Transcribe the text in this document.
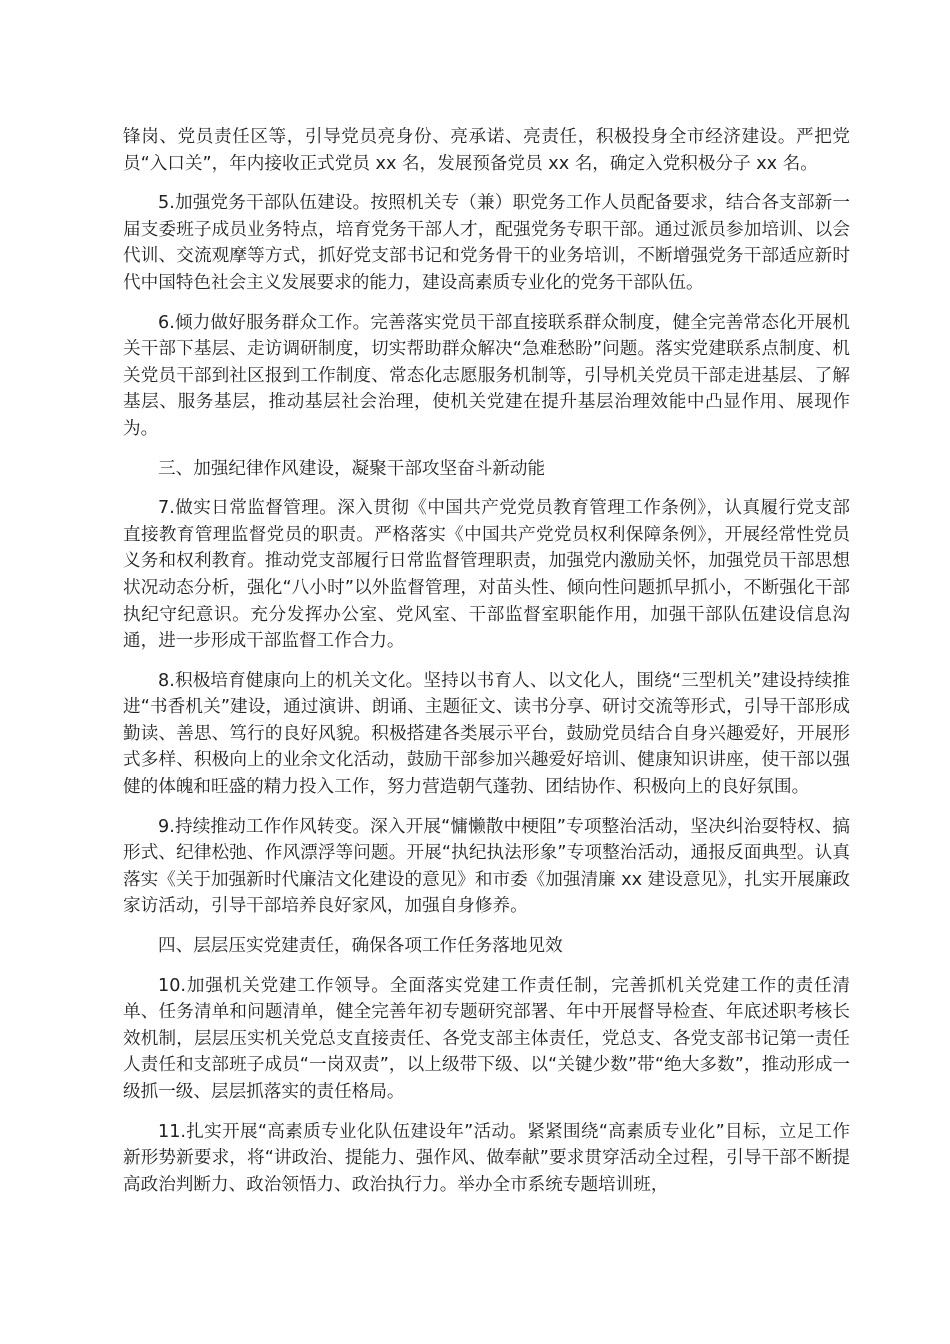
锋岗、党员责任区等，引导党员亮身份、亮承诺、亮责任，积极投身全市经济建设。严把党员“入口关”，年内接收正式党员 xx 名，发展预备党员 xx 名，确定入党积极分子 xx 名。

5.加强党务干部队伍建设。按照机关专（兼）职党务工作人员配备要求，结合各支部新一届支委班子成员业务特点，培育党务干部人才，配强党务专职干部。通过派员参加培训、以会代训、交流观摩等方式，抓好党支部书记和党务骨干的业务培训，不断增强党务干部适应新时代中国特色社会主义发展要求的能力，建设高素质专业化的党务干部队伍。

6.倾力做好服务群众工作。完善落实党员干部直接联系群众制度，健全完善常态化开展机关干部下基层、走访调研制度，切实帮助群众解决“急难愁盼”问题。落实党建联系点制度、机关党员干部到社区报到工作制度、常态化志愿服务机制等，引导机关党员干部走进基层、了解基层、服务基层，推动基层社会治理，使机关党建在提升基层治理效能中凸显作用、展现作为。

三、加强纪律作风建设，凝聚干部攻坚奋斗新动能

7.做实日常监督管理。深入贯彻《中国共产党党员教育管理工作条例》，认真履行党支部直接教育管理监督党员的职责。严格落实《中国共产党党员权利保障条例》，开展经常性党员义务和权利教育。推动党支部履行日常监督管理职责，加强党内激励关怀，加强党员干部思想状况动态分析，强化“八小时”以外监督管理，对苗头性、倾向性问题抓早抓小，不断强化干部执纪守纪意识。充分发挥办公室、党风室、干部监督室职能作用，加强干部队伍建设信息沟通，进一步形成干部监督工作合力。

8.积极培育健康向上的机关文化。坚持以书育人、以文化人，围绕“三型机关”建设持续推进“书香机关”建设，通过演讲、朗诵、主题征文、读书分享、研讨交流等形式，引导干部形成勤读、善思、笃行的良好风貌。积极搭建各类展示平台，鼓励党员结合自身兴趣爱好，开展形式多样、积极向上的业余文化活动，鼓励干部参加兴趣爱好培训、健康知识讲座，使干部以强健的体魄和旺盛的精力投入工作，努力营造朝气蓬勃、团结协作、积极向上的良好氛围。

9.持续推动工作作风转变。深入开展“慵懒散中梗阻”专项整治活动，坚决纠治耍特权、搞形式、纪律松弛、作风漂浮等问题。开展“执纪执法形象”专项整治活动，通报反面典型。认真落实《关于加强新时代廉洁文化建设的意见》和市委《加强清廉 xx 建设意见》，扎实开展廉政家访活动，引导干部培养良好家风，加强自身修养。

四、层层压实党建责任，确保各项工作任务落地见效

10.加强机关党建工作领导。全面落实党建工作责任制，完善抓机关党建工作的责任清单、任务清单和问题清单，健全完善年初专题研究部署、年中开展督导检查、年底述职考核长效机制，层层压实机关党总支直接责任、各党支部主体责任，党总支、各党支部书记第一责任人责任和支部班子成员“一岗双责”，以上级带下级、以“关键少数”带“绝大多数”，推动形成一级抓一级、层层抓落实的责任格局。

11.扎实开展“高素质专业化队伍建设年”活动。紧紧围绕“高素质专业化”目标，立足工作新形势新要求，将“讲政治、提能力、强作风、做奉献”要求贯穿活动全过程，引导干部不断提高政治判断力、政治领悟力、政治执行力。举办全市系统专题培训班，
